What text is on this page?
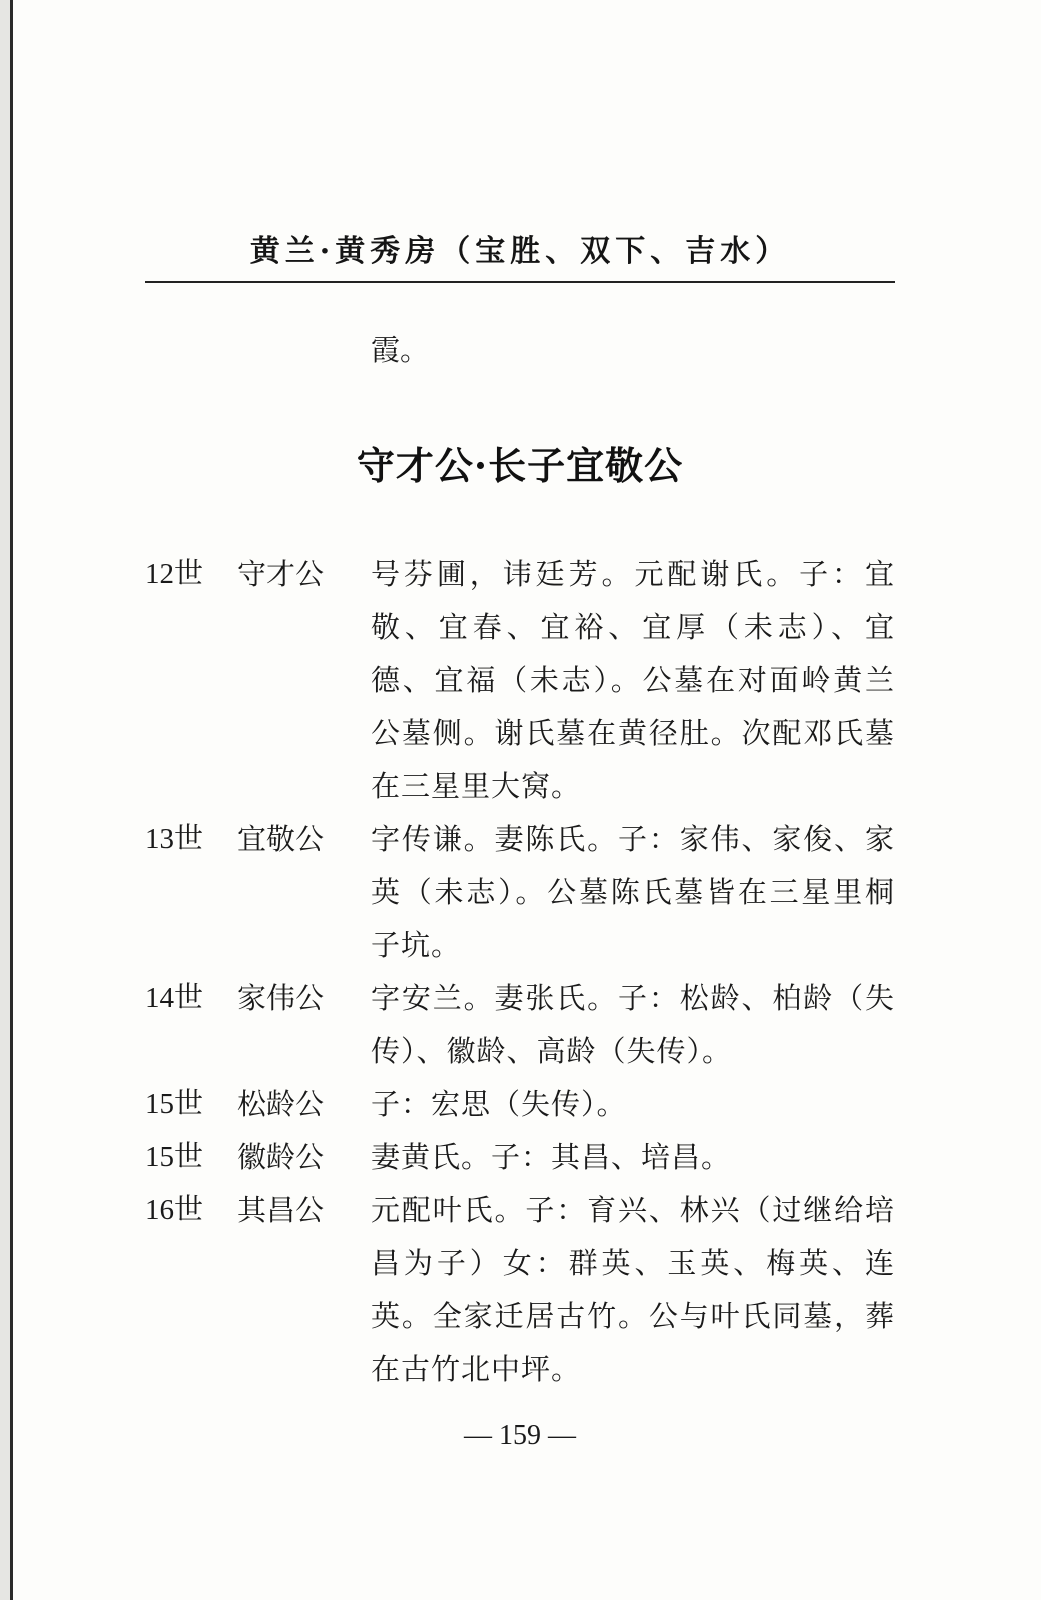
黄兰·黄秀房（宝胜、双下、吉水）
霞。
守才公·长子宜敬公
12世	守才公	号芬圃，讳廷芳。元配谢氏。子：宜敬、宜春、宜裕、宜厚（未志）、宜德、宜福（未志）。公墓在对面岭黄兰公墓侧。谢氏墓在黄径肚。次配邓氏墓在三星里大窝。
13世	宜敬公	字传谦。妻陈氏。子：家伟、家俊、家英（未志）。公墓陈氏墓皆在三星里桐子坑。
14世	家伟公	字安兰。妻张氏。子：松龄、柏龄（失传）、徽龄、高龄（失传）。
15世	松龄公	子：宏思（失传）。
15世	徽龄公	妻黄氏。子：其昌、培昌。
16世	其昌公	元配叶氏。子：育兴、林兴（过继给培昌为子）女：群英、玉英、梅英、连英。全家迁居古竹。公与叶氏同墓，葬在古竹北中坪。
— 159 —
